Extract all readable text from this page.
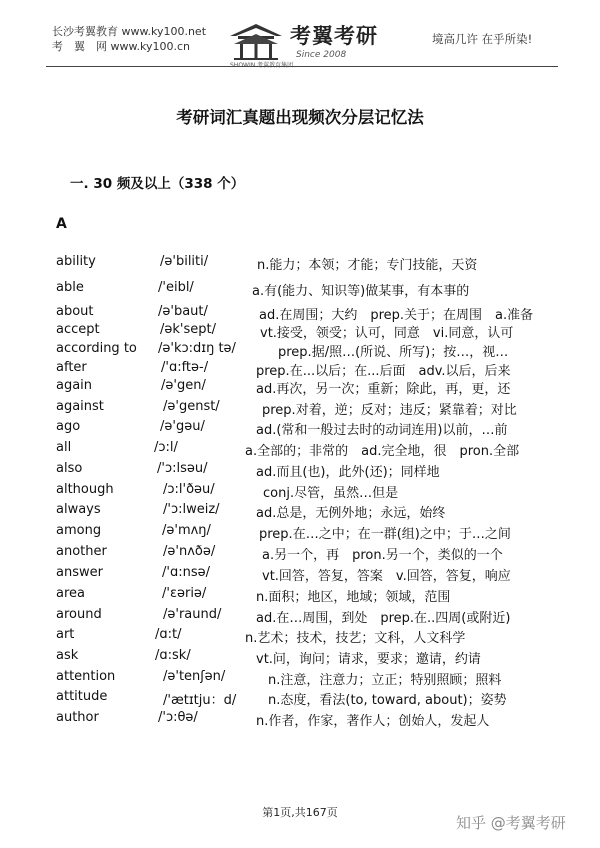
长沙考翼教育 www.ky100.net
考　翼　网 www.ky100.cn	考翼考研
Since 2008
境高几许 在乎所染!
考研词汇真题出现频次分层记忆法
一. 30 频及以上（338 个）
A
ability	/ə'biliti/	n.能力；本领；才能；专门技能，天资
able	/'eibl/	a.有(能力、知识等)做某事，有本事的
about	/ə'baut/	ad.在周围；大约　prep.关于；在周围　a.准备
accept	/ək'sept/	vt.接受，领受；认可，同意　vi.同意，认可
according to /ə'kɔ:dɪŋ tə/	prep.据/照…(所说、所写)；按…，视…
after	/'ɑ:ftə-/	prep.在...以后；在...后面　adv.以后，后来
again	/ə'gen/	ad.再次，另一次；重新；除此，再，更，还
against	/ə'genst/	prep.对着，逆；反对；违反；紧靠着；对比
ago	/ə'gəu/	ad.(常和一般过去时的动词连用)以前，…前
all	/ɔ:l/	a.全部的；非常的　ad.完全地，很　pron.全部
also	/'ɔ:lsəu/	ad.而且(也)，此外(还)；同样地
although	/ɔ:l'ðəu/	conj.尽管，虽然…但是
always	/'ɔ:lweiz/	ad.总是，无例外地；永远，始终
among	/ə'mʌŋ/	prep.在…之中；在一群(组)之中；于…之间
another	/ə'nʌðə/	a.另一个，再　pron.另一个，类似的一个
answer	/'ɑ:nsə/	vt.回答，答复，答案　v.回答，答复，响应
area	/'ɛəriə/	n.面积；地区，地域；领域，范围
around	/ə'raund/	ad.在…周围，到处　prep.在..四周(或附近)
art	/ɑ:t/	n.艺术；技术，技艺；文科，人文科学
ask	/ɑ:sk/	vt.问，询问；请求，要求；邀请，约请
attention	/ə'tenʃən/	n.注意，注意力；立正；特别照顾；照料
attitude	/'ætɪtju：d/ n.态度，看法(to, toward, about)；姿势
author	/'ɔ:θə/	n.作者，作家，著作人；创始人，发起人
第1页,共167页
知乎 @考翼考研
